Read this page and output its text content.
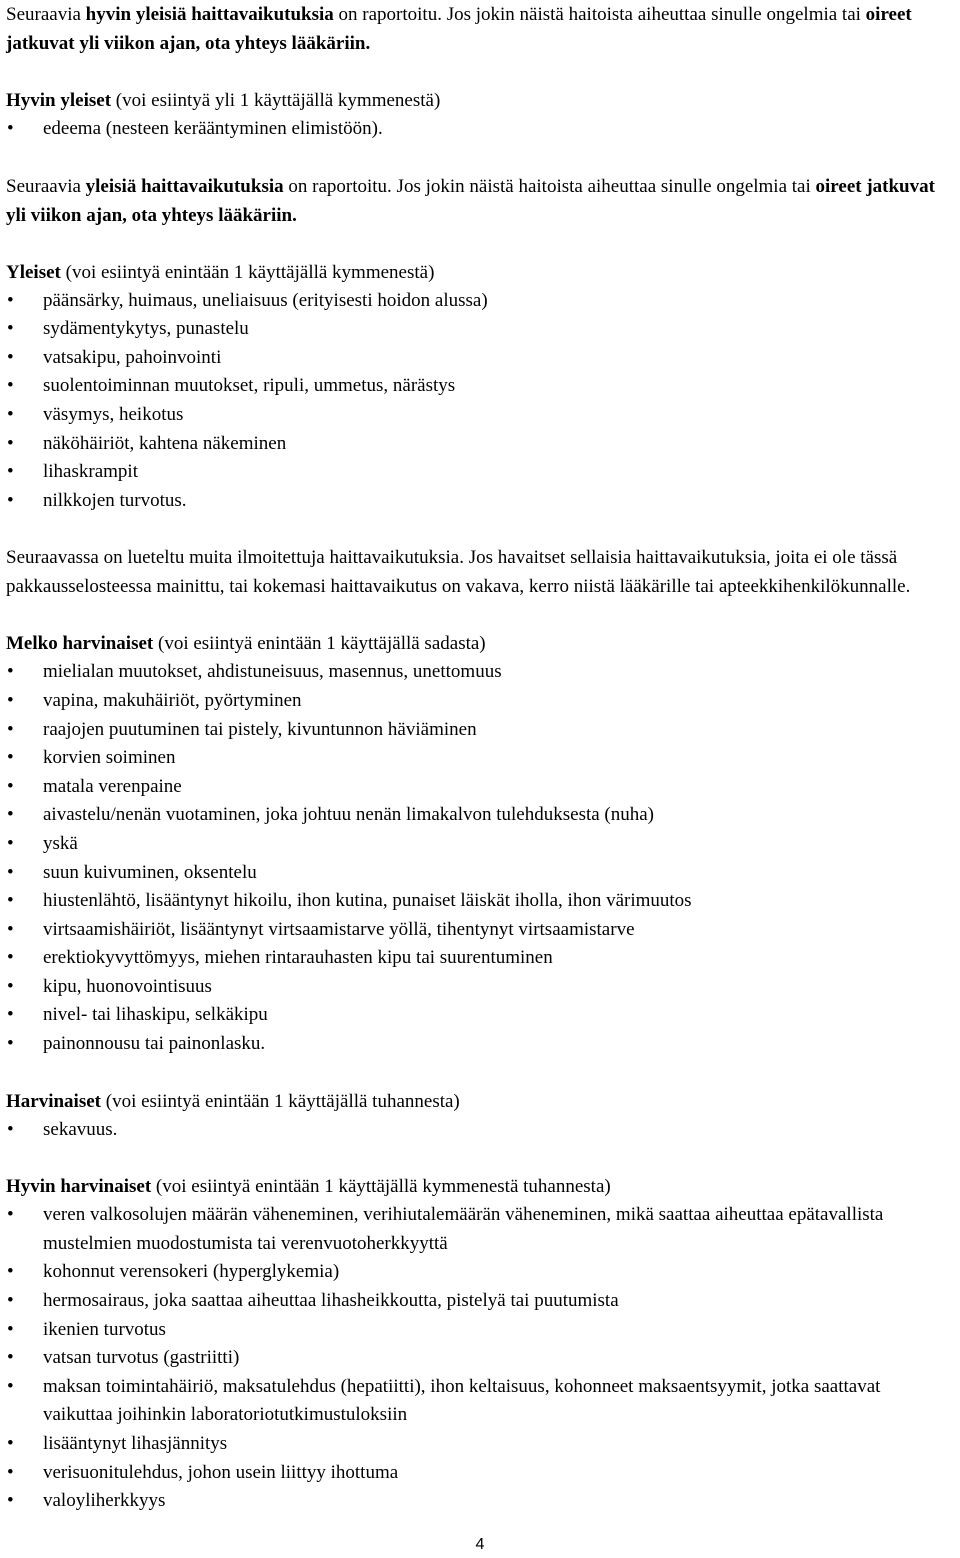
Seuraavia hyvin yleisiä haittavaikutuksia on raportoitu. Jos jokin näistä haitoista aiheuttaa sinulle ongelmia tai oireet jatkuvat yli viikon ajan, ota yhteys lääkäriin.

Hyvin yleiset (voi esiintyä yli 1 käyttäjällä kymmenestä)

• edeema (nesteen kerääntyminen elimistöön).

Seuraavia yleisiä haittavaikutuksia on raportoitu. Jos jokin näistä haitoista aiheuttaa sinulle ongelmia tai oireet jatkuvat yli viikon ajan, ota yhteys lääkäriin.

Yleiset (voi esiintyä enintään 1 käyttäjällä kymmenestä)

• päänsärky, huimaus, uneliaisuus (erityisesti hoidon alussa)
• sydämentykytys, punastelu
• vatsakipu, pahoinvointi
• suolentoiminnan muutokset, ripuli, ummetus, närästys
• väsymys, heikotus
• näköhäiriöt, kahtena näkeminen
• lihaskrampit
• nilkkojen turvotus.

Seuraavassa on lueteltu muita ilmoitettuja haittavaikutuksia. Jos havaitset sellaisia haittavaikutuksia, joita ei ole tässä pakkausselosteessa mainittu, tai kokemasi haittavaikutus on vakava, kerro niistä lääkärille tai apteekkihenkilökunnalle.

Melko harvinaiset (voi esiintyä enintään 1 käyttäjällä sadasta)

• mielialan muutokset, ahdistuneisuus, masennus, unettomuus
• vapina, makuhäiriöt, pyörtyminen
• raajojen puutuminen tai pistely, kivuntunnon häviäminen
• korvien soiminen
• matala verenpaine
• aivastelu/nenän vuotaminen, joka johtuu nenän limakalvon tulehduksesta (nuha)
• yskä
• suun kuivuminen, oksentelu
• hiustenlähtö, lisääntynyt hikoilu, ihon kutina, punaiset läiskät iholla, ihon värimuutos
• virtsaamishäiriöt, lisääntynyt virtsaamistarve yöllä, tihentynyt virtsaamistarve
• erektiokyvyttömyys, miehen rintarauhasten kipu tai suurentuminen
• kipu, huonovointisuus
• nivel- tai lihaskipu, selkäkipu
• painonnousu tai painonlasku.

Harvinaiset (voi esiintyä enintään 1 käyttäjällä tuhannesta)

• sekavuus.

Hyvin harvinaiset (voi esiintyä enintään 1 käyttäjällä kymmenestä tuhannesta)

• veren valkosolujen määrän väheneminen, verihiutalemäärän väheneminen, mikä saattaa aiheuttaa epätavallista mustelmien muodostumista tai verenvuotoherkkyyttä
• kohonnut verensokeri (hyperglykemia)
• hermosairaus, joka saattaa aiheuttaa lihasheikkoutta, pistelyä tai puutumista
• ikenien turvotus
• vatsan turvotus (gastriitti)
• maksan toimintahäiriö, maksatulehdus (hepatiitti), ihon keltaisuus, kohonneet maksaentsyymit, jotka saattavat vaikuttaa joihinkin laboratoriotutkimustuloksiin
• lisääntynyt lihasjännitys
• verisuonitulehdus, johon usein liittyy ihottuma
• valoyliherkkyys
4
